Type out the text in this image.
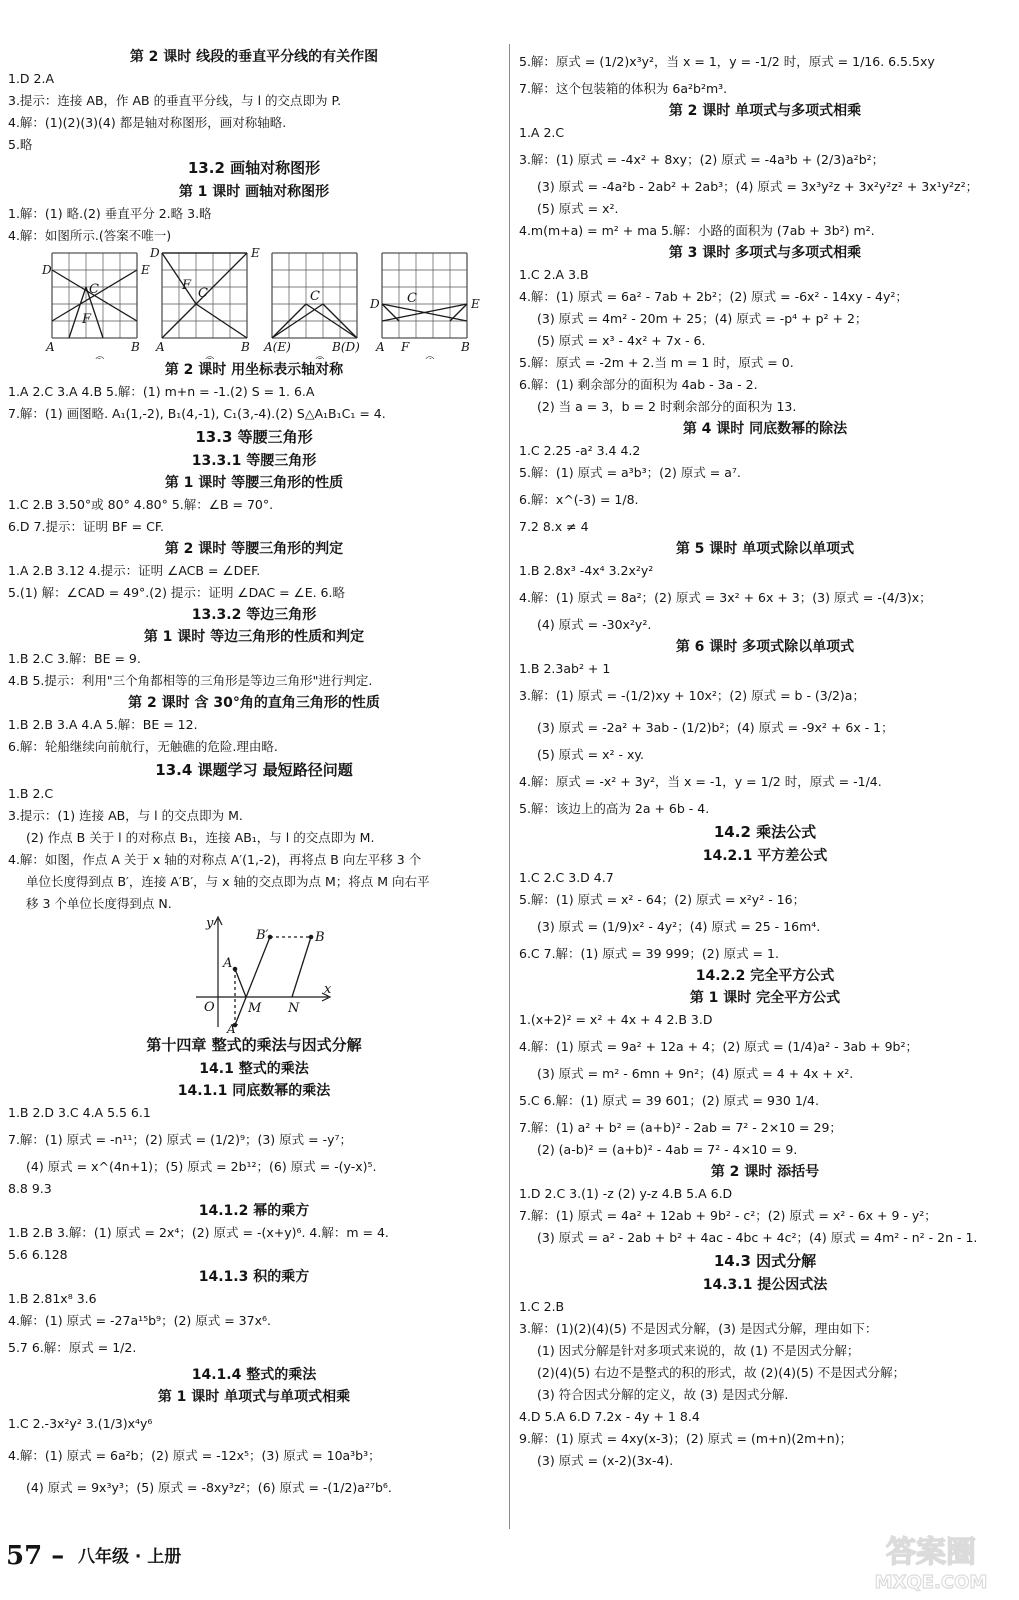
第 2 课时 线段的垂直平分线的有关作图
1.D 2.A
3.提示：连接 AB，作 AB 的垂直平分线，与 l 的交点即为 P.
4.解：(1)(2)(3)(4) 都是轴对称图形，画对称轴略.
5.略
13.2 画轴对称图形
第 1 课时 画轴对称图形
1.解：(1) 略.(2) 垂直平分 2.略 3.略
4.解：如图所示.(答案不唯一)
D	E
C
F
A	B
D	E
F
C
A	B
C
A(E)	B(D)
D	E
C
A F	B
第 2 课时 用坐标表示轴对称
1.A 2.C 3.A 4.B 5.解：(1) m+n = -1.(2) S = 1. 6.A
7.解：(1) 画图略. A₁(1,-2), B₁(4,-1), C₁(3,-4).(2) S△A₁B₁C₁ = 4.
13.3 等腰三角形
13.3.1 等腰三角形
第 1 课时 等腰三角形的性质
1.C 2.B 3.50°或 80° 4.80° 5.解：∠B = 70°.
6.D 7.提示：证明 BF = CF.
第 2 课时 等腰三角形的判定
1.A 2.B 3.12 4.提示：证明 ∠ACB = ∠DEF.
5.(1) 解：∠CAD = 49°.(2) 提示：证明 ∠DAC = ∠E. 6.略
13.3.2 等边三角形
第 1 课时 等边三角形的性质和判定
1.B 2.C 3.解：BE = 9.
4.B 5.提示：利用"三个角都相等的三角形是等边三角形"进行判定.
第 2 课时 含 30°角的直角三角形的性质
1.B 2.B 3.A 4.A 5.解：BE = 12.
6.解：轮船继续向前航行，无触礁的危险.理由略.
13.4 课题学习 最短路径问题
1.B 2.C
3.提示：(1) 连接 AB，与 l 的交点即为 M.
(2) 作点 B 关于 l 的对称点 B₁，连接 AB₁，与 l 的交点即为 M.
4.解：如图，作点 A 关于 x 轴的对称点 A′(1,-2)，再将点 B 向左平移 3 个
单位长度得到点 B′，连接 A′B′，与 x 轴的交点即为点 M；将点 M 向右平
移 3 个单位长度得到点 N.
y
x
O
A
A′
B′	B
M N
第十四章 整式的乘法与因式分解
14.1 整式的乘法
14.1.1 同底数幂的乘法
1.B 2.D 3.C 4.A 5.5 6.1
7.解：(1) 原式 = -n¹¹；(2) 原式 = (1/2)⁹；(3) 原式 = -y⁷；
(4) 原式 = x^(4n+1)；(5) 原式 = 2b¹²；(6) 原式 = -(y-x)⁵.
8.8 9.3
14.1.2 幂的乘方
1.B 2.B 3.解：(1) 原式 = 2x⁴；(2) 原式 = -(x+y)⁶. 4.解：m = 4.
5.6 6.128
14.1.3 积的乘方
1.B 2.81x⁸ 3.6
4.解：(1) 原式 = -27a¹⁵b⁹；(2) 原式 = 37x⁶.
5.7 6.解：原式 = 1/2.
14.1.4 整式的乘法
第 1 课时 单项式与单项式相乘
1.C 2.-3x²y² 3.(1/3)x⁴y⁶
4.解：(1) 原式 = 6a²b；(2) 原式 = -12x⁵；(3) 原式 = 10a³b³；
(4) 原式 = 9x³y³；(5) 原式 = -8xy³z²；(6) 原式 = -(1/2)a²⁷b⁶.
5.解：原式 = (1/2)x³y²，当 x = 1，y = -1/2 时，原式 = 1/16. 6.5.5xy
7.解：这个包装箱的体积为 6a²b²m³.
第 2 课时 单项式与多项式相乘
1.A 2.C
3.解：(1) 原式 = -4x² + 8xy；(2) 原式 = -4a³b + (2/3)a²b²；
(3) 原式 = -4a²b - 2ab² + 2ab³；(4) 原式 = 3x³y²z + 3x²y²z² + 3x¹y²z²；
(5) 原式 = x².
4.m(m+a) = m² + ma 5.解：小路的面积为 (7ab + 3b²) m².
第 3 课时 多项式与多项式相乘
1.C 2.A 3.B
4.解：(1) 原式 = 6a² - 7ab + 2b²；(2) 原式 = -6x² - 14xy - 4y²；
(3) 原式 = 4m² - 20m + 25；(4) 原式 = -p⁴ + p² + 2；
(5) 原式 = x³ - 4x² + 7x - 6.
5.解：原式 = -2m + 2.当 m = 1 时，原式 = 0.
6.解：(1) 剩余部分的面积为 4ab - 3a - 2.
(2) 当 a = 3，b = 2 时剩余部分的面积为 13.
第 4 课时 同底数幂的除法
1.C 2.25 -a² 3.4 4.2
5.解：(1) 原式 = a³b³；(2) 原式 = a⁷.
6.解：x^(-3) = 1/8.
7.2 8.x ≠ 4
第 5 课时 单项式除以单项式
1.B 2.8x³ -4x⁴ 3.2x²y²
4.解：(1) 原式 = 8a²；(2) 原式 = 3x² + 6x + 3；(3) 原式 = -(4/3)x；
(4) 原式 = -30x²y².
第 6 课时 多项式除以单项式
1.B 2.3ab² + 1
3.解：(1) 原式 = -(1/2)xy + 10x²；(2) 原式 = b - (3/2)a；
(3) 原式 = -2a² + 3ab - (1/2)b²；(4) 原式 = -9x² + 6x - 1；
(5) 原式 = x² - xy.
4.解：原式 = -x² + 3y²，当 x = -1，y = 1/2 时，原式 = -1/4.
5.解：该边上的高为 2a + 6b - 4.
14.2 乘法公式
14.2.1 平方差公式
1.C 2.C 3.D 4.7
5.解：(1) 原式 = x² - 64；(2) 原式 = x²y² - 16；
(3) 原式 = (1/9)x² - 4y²；(4) 原式 = 25 - 16m⁴.
6.C 7.解：(1) 原式 = 39 999；(2) 原式 = 1.
14.2.2 完全平方公式
第 1 课时 完全平方公式
1.(x+2)² = x² + 4x + 4 2.B 3.D
4.解：(1) 原式 = 9a² + 12a + 4；(2) 原式 = (1/4)a² - 3ab + 9b²；
(3) 原式 = m² - 6mn + 9n²；(4) 原式 = 4 + 4x + x².
5.C 6.解：(1) 原式 = 39 601；(2) 原式 = 930 1/4.
7.解：(1) a² + b² = (a+b)² - 2ab = 7² - 2×10 = 29；
(2) (a-b)² = (a+b)² - 4ab = 7² - 4×10 = 9.
第 2 课时 添括号
1.D 2.C 3.(1) -z (2) y-z 4.B 5.A 6.D
7.解：(1) 原式 = 4a² + 12ab + 9b² - c²；(2) 原式 = x² - 6x + 9 - y²；
(3) 原式 = a² - 2ab + b² + 4ac - 4bc + 4c²；(4) 原式 = 4m² - n² - 2n - 1.
14.3 因式分解
14.3.1 提公因式法
1.C 2.B
3.解：(1)(2)(4)(5) 不是因式分解，(3) 是因式分解，理由如下：
(1) 因式分解是针对多项式来说的，故 (1) 不是因式分解；
(2)(4)(5) 右边不是整式的积的形式，故 (2)(4)(5) 不是因式分解；
(3) 符合因式分解的定义，故 (3) 是因式分解.
4.D 5.A 6.D 7.2x - 4y + 1 8.4
9.解：(1) 原式 = 4xy(x-3)；(2) 原式 = (m+n)(2m+n)；
(3) 原式 = (x-2)(3x-4).
57 – 八年级 · 上册	答案圈
MXQE.COM
